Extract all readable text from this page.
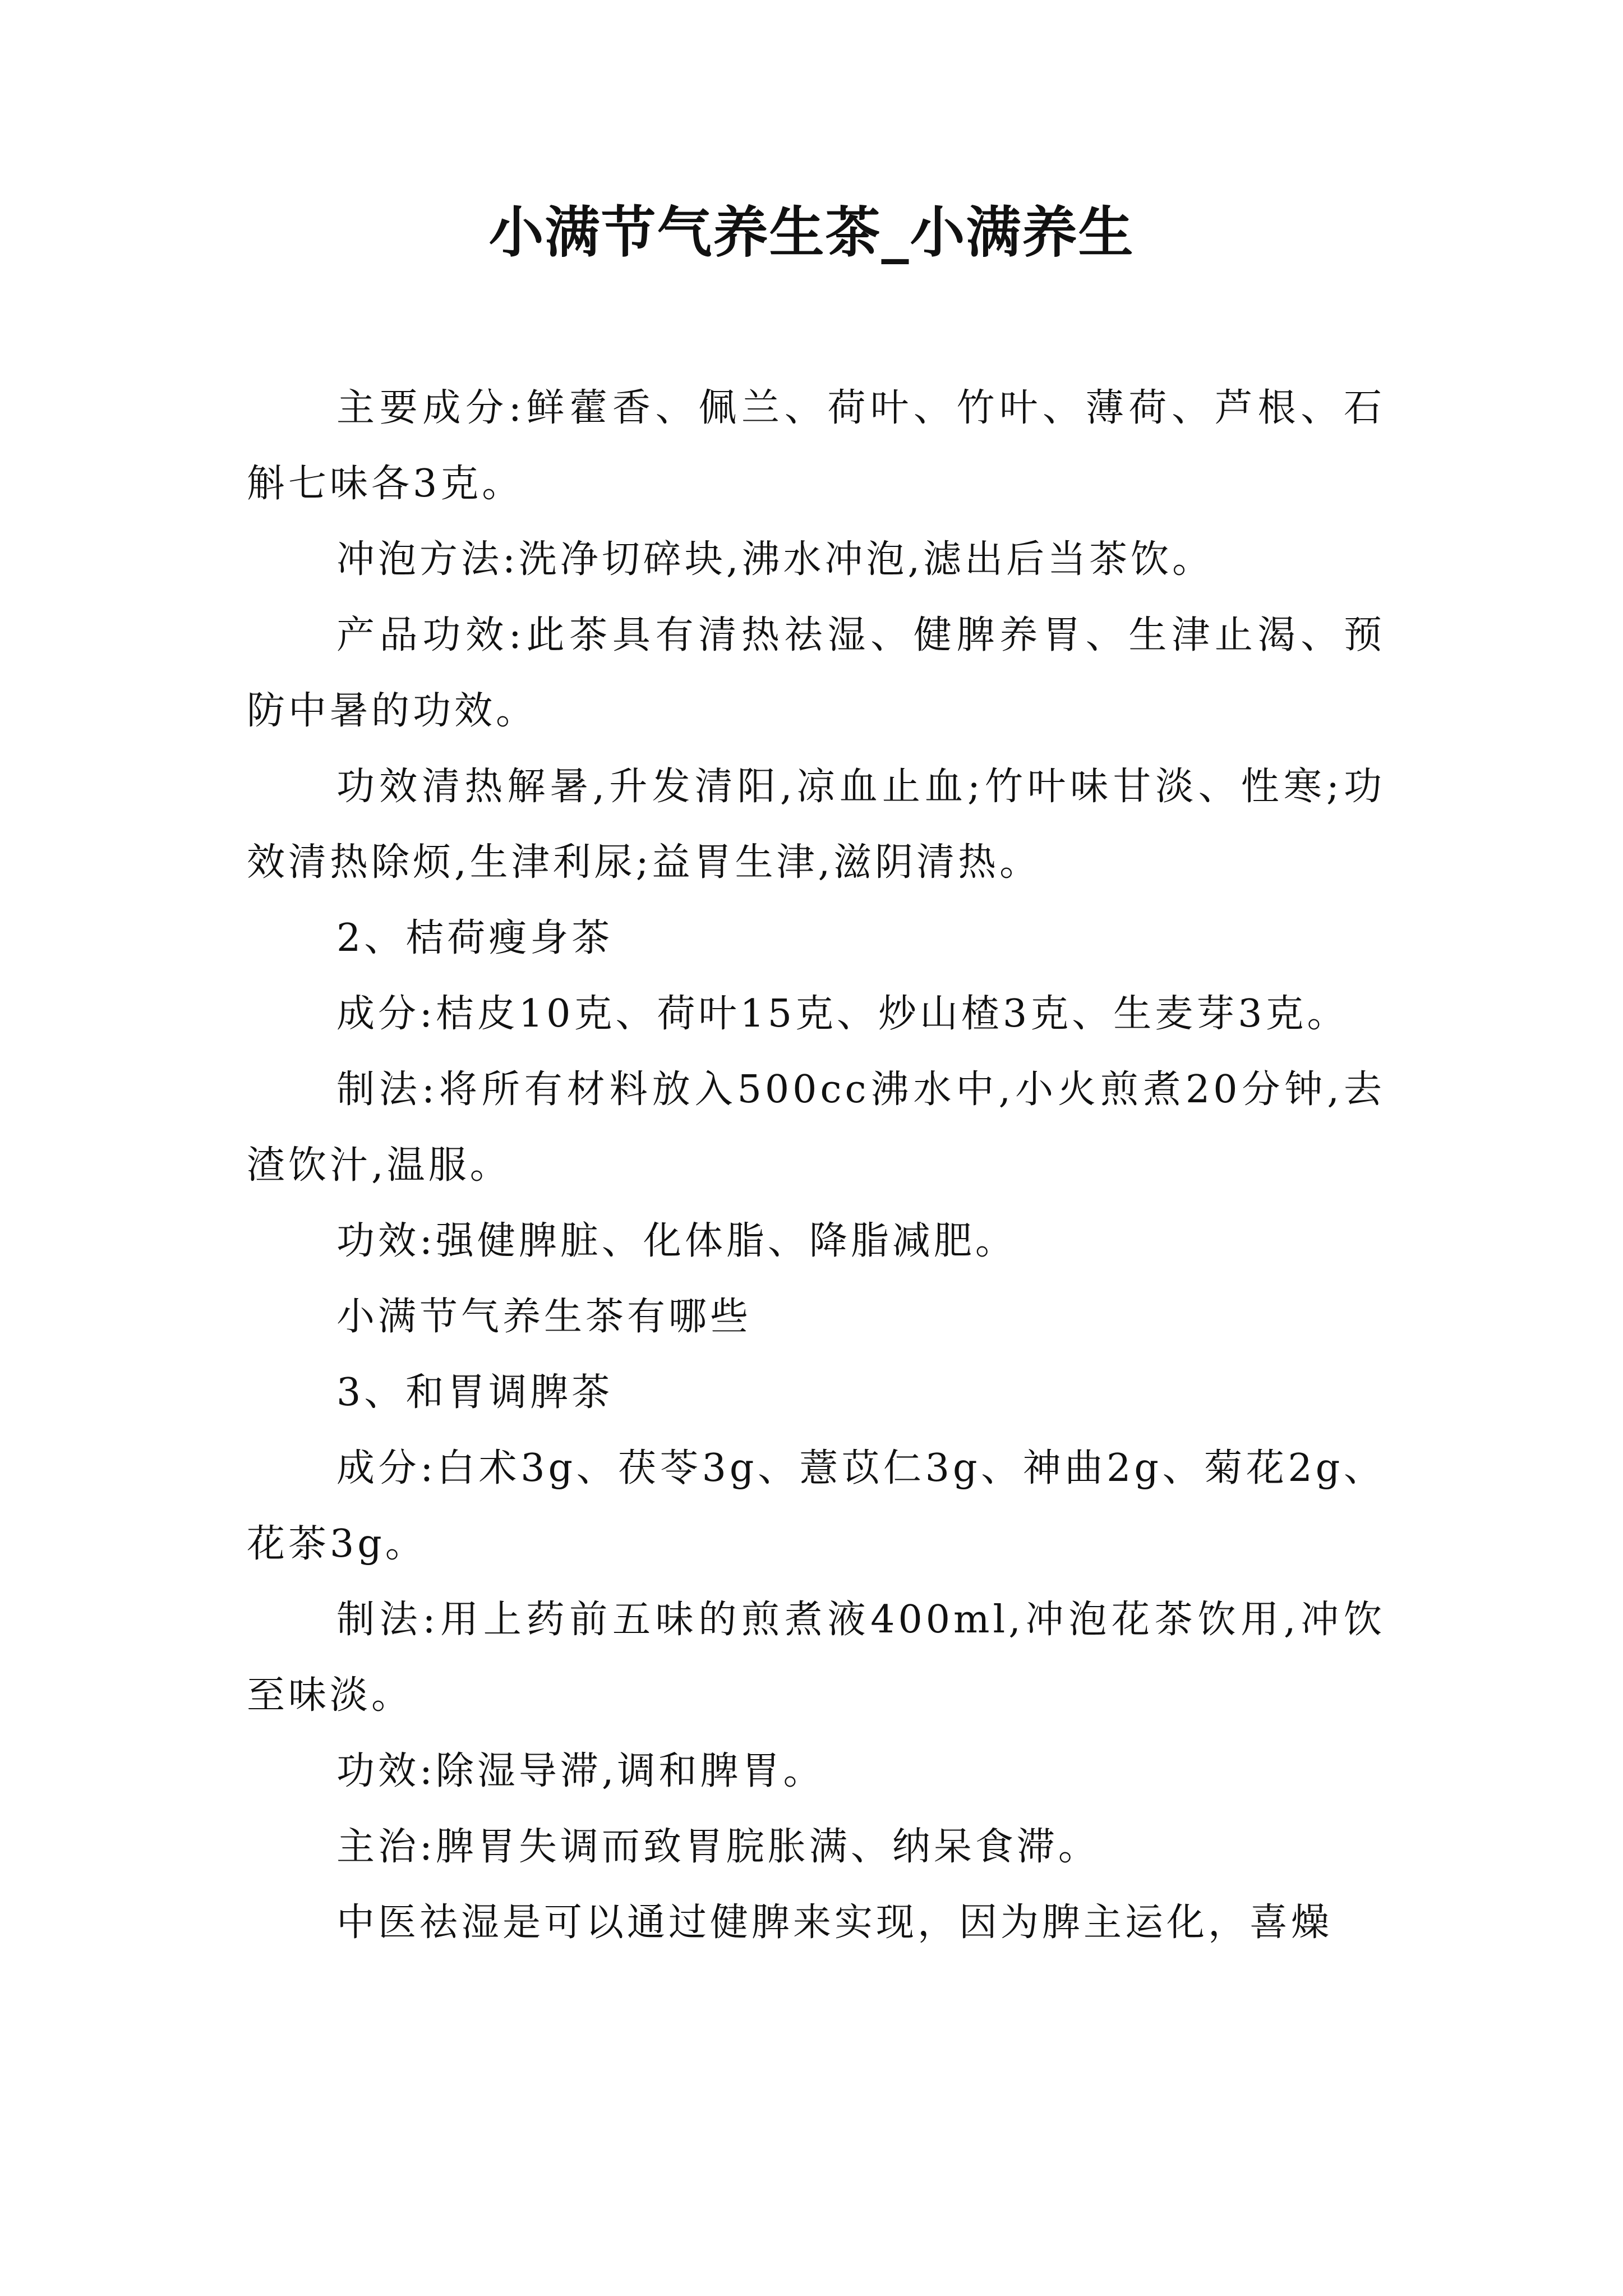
小满节气养生茶_小满养生

主要成分:鲜藿香、佩兰、荷叶、竹叶、薄荷、芦根、石斛七味各3克。

冲泡方法:洗净切碎块,沸水冲泡,滤出后当茶饮。

产品功效:此茶具有清热祛湿、健脾养胃、生津止渴、预防中暑的功效。

功效清热解暑,升发清阳,凉血止血;竹叶味甘淡、性寒;功效清热除烦,生津利尿;益胃生津,滋阴清热。

2、桔荷瘦身茶

成分:桔皮10克、荷叶15克、炒山楂3克、生麦芽3克。

制法:将所有材料放入500cc沸水中,小火煎煮20分钟,去渣饮汁,温服。

功效:强健脾脏、化体脂、降脂减肥。

小满节气养生茶有哪些

3、和胃调脾茶

成分:白术3g、茯苓3g、薏苡仁3g、神曲2g、菊花2g、花茶3g。

制法:用上药前五味的煎煮液400ml,冲泡花茶饮用,冲饮至味淡。

功效:除湿导滞,调和脾胃。

主治:脾胃失调而致胃脘胀满、纳呆食滞。

中医祛湿是可以通过健脾来实现，因为脾主运化，喜燥
